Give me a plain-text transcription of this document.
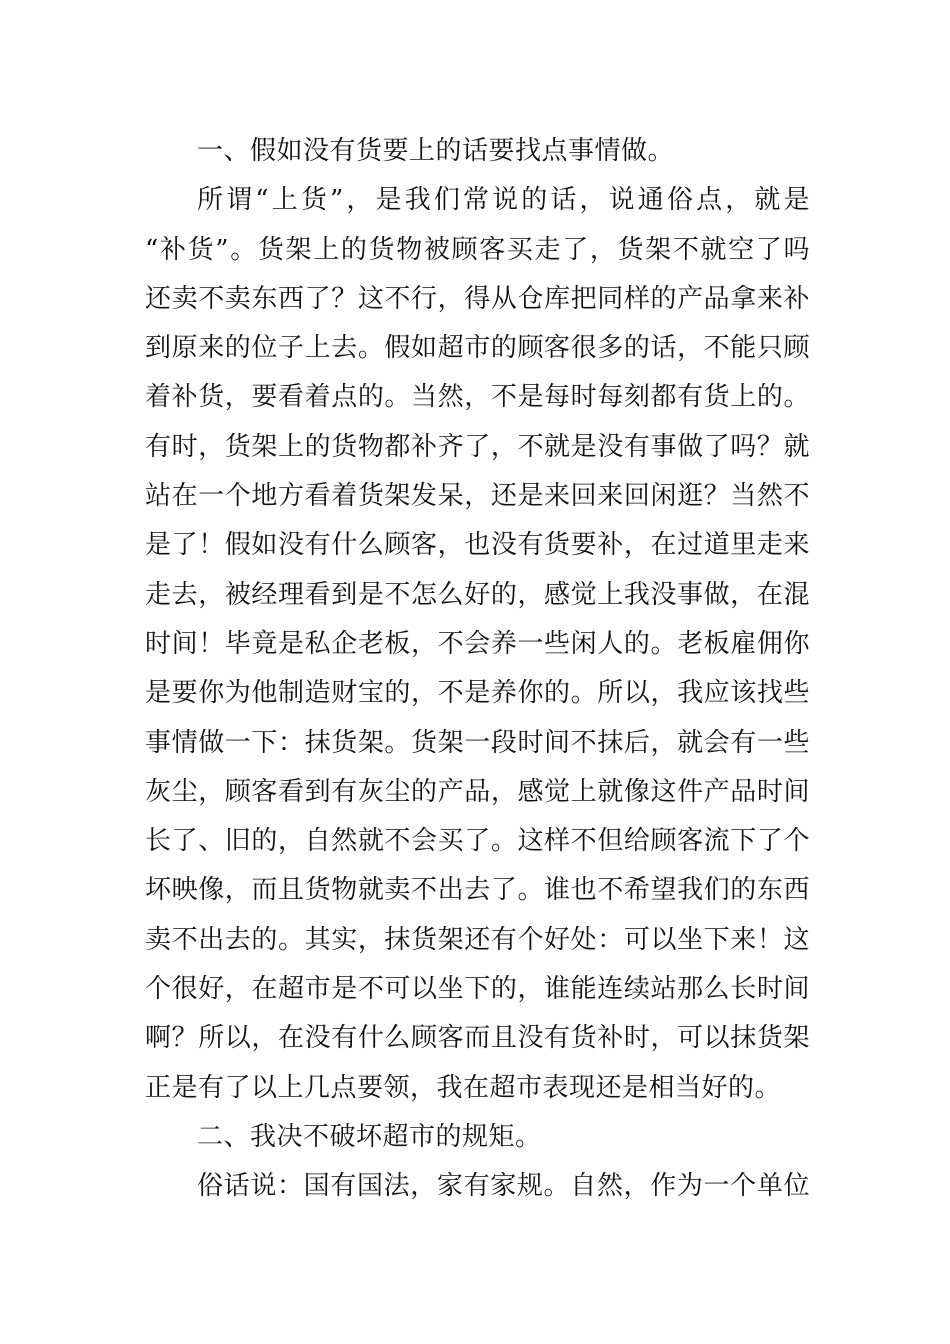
一、假如没有货要上的话要找点事情做。
所谓“上货”，是我们常说的话，说通俗点，就是
“补货”。货架上的货物被顾客买走了，货架不就空了吗
还卖不卖东西了？这不行，得从仓库把同样的产品拿来补
到原来的位子上去。假如超市的顾客很多的话，不能只顾
着补货，要看着点的。当然，不是每时每刻都有货上的。
有时，货架上的货物都补齐了，不就是没有事做了吗？就
站在一个地方看着货架发呆，还是来回来回闲逛？当然不
是了！假如没有什么顾客，也没有货要补，在过道里走来
走去，被经理看到是不怎么好的，感觉上我没事做，在混
时间！毕竟是私企老板，不会养一些闲人的。老板雇佣你
是要你为他制造财宝的，不是养你的。所以，我应该找些
事情做一下：抹货架。货架一段时间不抹后，就会有一些
灰尘，顾客看到有灰尘的产品，感觉上就像这件产品时间
长了、旧的，自然就不会买了。这样不但给顾客流下了个
坏映像，而且货物就卖不出去了。谁也不希望我们的东西
卖不出去的。其实，抹货架还有个好处：可以坐下来！这
个很好，在超市是不可以坐下的，谁能连续站那么长时间
啊？所以，在没有什么顾客而且没有货补时，可以抹货架
正是有了以上几点要领，我在超市表现还是相当好的。
二、我决不破坏超市的规矩。
俗话说：国有国法，家有家规。自然，作为一个单位
